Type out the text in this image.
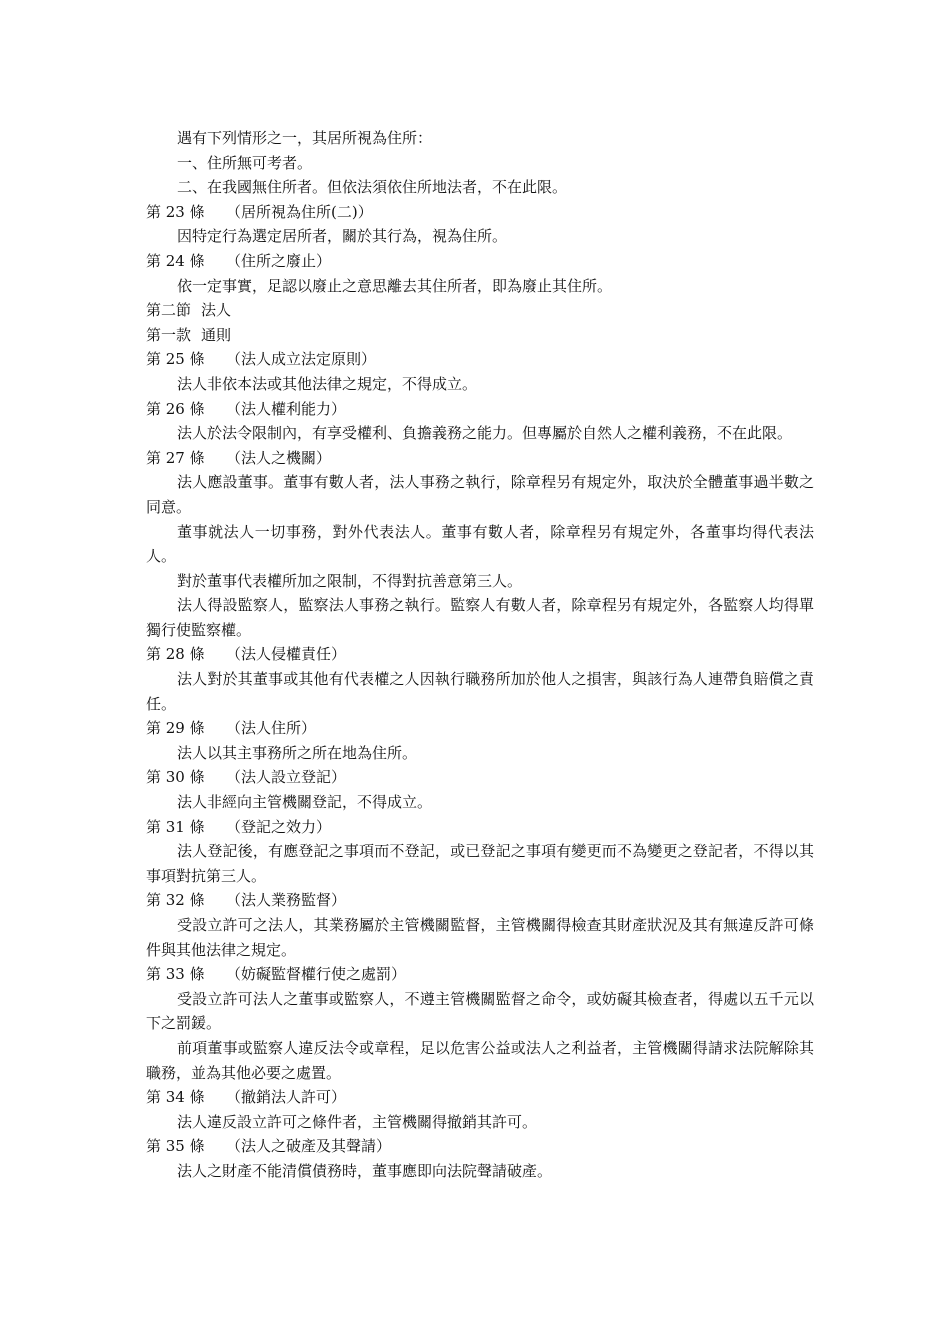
遇有下列情形之一，其居所視為住所：
一、住所無可考者。
二、在我國無住所者。但依法須依住所地法者，不在此限。
第 23 條 （居所視為住所(二)）
因特定行為選定居所者，關於其行為，視為住所。
第 24 條 （住所之廢止）
依一定事實，足認以廢止之意思離去其住所者，即為廢止其住所。
第二節 法人
第一款 通則
第 25 條 （法人成立法定原則）
法人非依本法或其他法律之規定，不得成立。
第 26 條 （法人權利能力）
法人於法令限制內，有享受權利、負擔義務之能力。但專屬於自然人之權利義務，不在此限。
第 27 條 （法人之機關）
法人應設董事。董事有數人者，法人事務之執行，除章程另有規定外，取決於全體董事過半數之同意。
董事就法人一切事務，對外代表法人。董事有數人者，除章程另有規定外，各董事均得代表法人。
對於董事代表權所加之限制，不得對抗善意第三人。
法人得設監察人，監察法人事務之執行。監察人有數人者，除章程另有規定外，各監察人均得單獨行使監察權。
第 28 條 （法人侵權責任）
法人對於其董事或其他有代表權之人因執行職務所加於他人之損害，與該行為人連帶負賠償之責任。
第 29 條 （法人住所）
法人以其主事務所之所在地為住所。
第 30 條 （法人設立登記）
法人非經向主管機關登記，不得成立。
第 31 條 （登記之效力）
法人登記後，有應登記之事項而不登記，或已登記之事項有變更而不為變更之登記者，不得以其事項對抗第三人。
第 32 條 （法人業務監督）
受設立許可之法人，其業務屬於主管機關監督，主管機關得檢查其財產狀況及其有無違反許可條件與其他法律之規定。
第 33 條 （妨礙監督權行使之處罰）
受設立許可法人之董事或監察人，不遵主管機關監督之命令，或妨礙其檢查者，得處以五千元以下之罰鍰。
前項董事或監察人違反法令或章程，足以危害公益或法人之利益者，主管機關得請求法院解除其職務，並為其他必要之處置。
第 34 條 （撤銷法人許可）
法人違反設立許可之條件者，主管機關得撤銷其許可。
第 35 條 （法人之破產及其聲請）
法人之財產不能清償債務時，董事應即向法院聲請破產。
